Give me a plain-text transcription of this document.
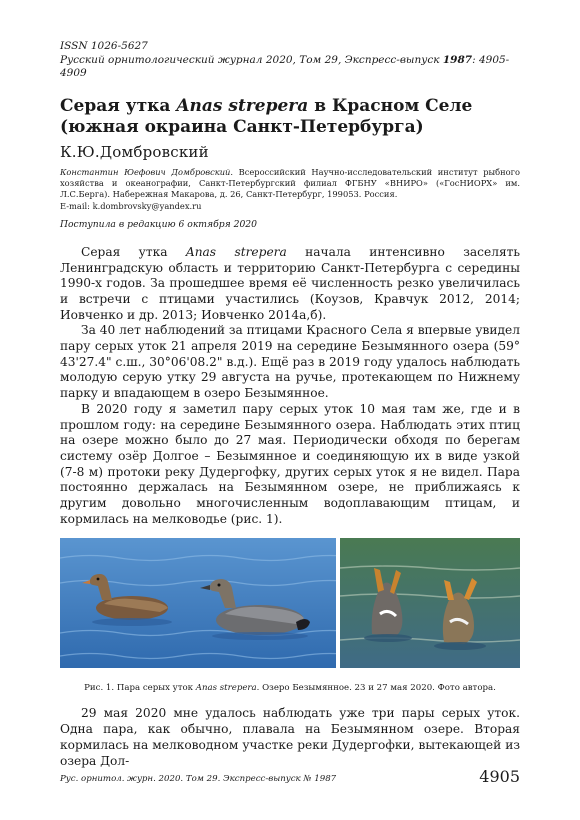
ISSN 1026-5627
Русский орнитологический журнал 2020, Том 29, Экспресс-выпуск 1987: 4905-4909
Серая утка Anas strepera в Красном Селе (южная окраина Санкт-Петербурга)
К.Ю.Домбровский
Константин Юефович Домбровский. Всероссийский Научно-исследовательский институт рыбного хозяйства и океанографии, Санкт-Петербургский филиал ФГБНУ «ВНИРО» («ГосНИОРХ» им. Л.С.Берга). Набережная Макарова, д. 26, Санкт-Петербург, 199053. Россия.
E-mail: k.dombrovsky@yandex.ru
Поступила в редакцию 6 октября 2020

Серая утка Anas strepera начала интенсивно заселять Ленинградскую область и территорию Санкт-Петербурга с середины 1990-х годов. За прошедшее время её численность резко увеличилась и встречи с птицами участились (Коузов, Кравчук 2012, 2014; Иовченко и др. 2013; Иовченко 2014а,б).

За 40 лет наблюдений за птицами Красного Села я впервые увидел пару серых уток 21 апреля 2019 на середине Безымянного озера (59° 43'27.4" с.ш., 30°06'08.2" в.д.). Ещё раз в 2019 году удалось наблюдать молодую серую утку 29 августа на ручье, протекающем по Нижнему парку и впадающем в озеро Безымянное.

В 2020 году я заметил пару серых уток 10 мая там же, где и в прошлом году: на середине Безымянного озера. Наблюдать этих птиц на озере можно было до 27 мая. Периодически обходя по берегам систему озёр Долгое – Безымянное и соединяющую их в виде узкой (7-8 м) протоки реку Дудергофку, других серых уток я не видел. Пара постоянно держалась на Безымянном озере, не приближаясь к другим довольно многочисленным водоплавающим птицам, и кормилась на мелководье (рис. 1).

Рис. 1. Пара серых уток Anas strepera. Озеро Безымянное. 23 и 27 мая 2020. Фото автора.

29 мая 2020 мне удалось наблюдать уже три пары серых уток. Одна пара, как обычно, плавала на Безымянном озере. Вторая кормилась на мелководном участке реки Дудергофки, вытекающей из озера Дол-

Рус. орнитол. журн. 2020. Том 29. Экспресс-выпуск № 1987	4905
